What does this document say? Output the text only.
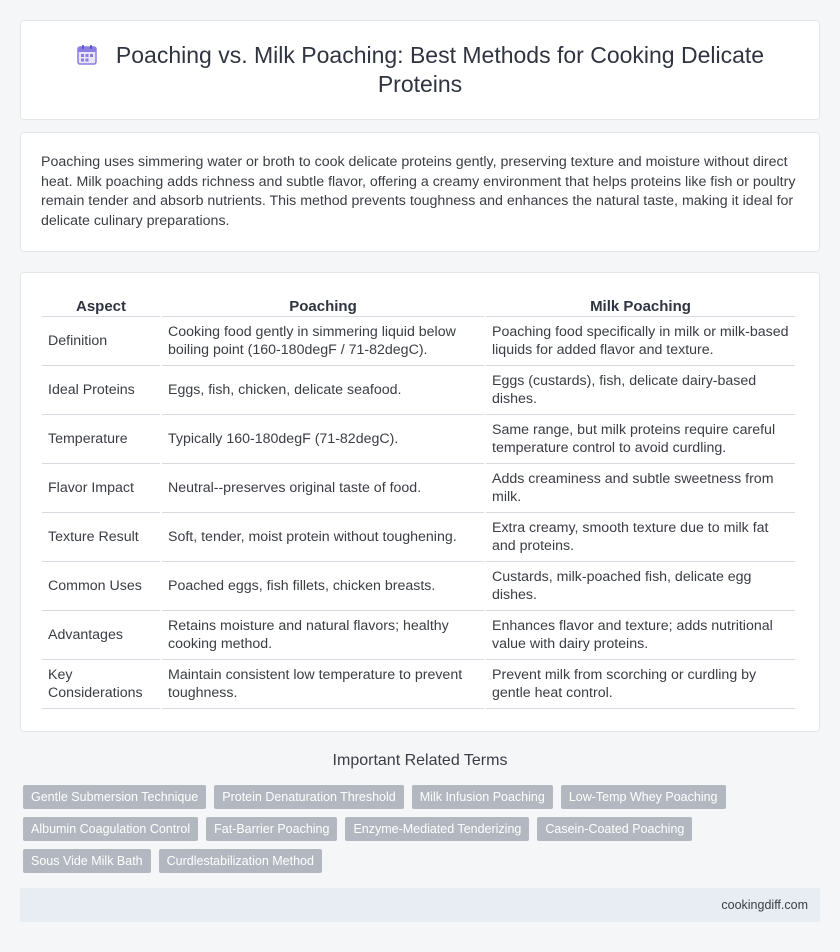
Poaching vs. Milk Poaching: Best Methods for Cooking Delicate Proteins

Poaching uses simmering water or broth to cook delicate proteins gently, preserving texture and moisture without direct heat. Milk poaching adds richness and subtle flavor, offering a creamy environment that helps proteins like fish or poultry remain tender and absorb nutrients. This method prevents toughness and enhances the natural taste, making it ideal for delicate culinary preparations.

Aspect	Poaching	Milk Poaching
Definition	Cooking food gently in simmering liquid below boiling point (160-180degF / 71-82degC).	Poaching food specifically in milk or milk-based liquids for added flavor and texture.
Ideal Proteins	Eggs, fish, chicken, delicate seafood.	Eggs (custards), fish, delicate dairy-based dishes.
Temperature	Typically 160-180degF (71-82degC).	Same range, but milk proteins require careful temperature control to avoid curdling.
Flavor Impact	Neutral--preserves original taste of food.	Adds creaminess and subtle sweetness from milk.
Texture Result	Soft, tender, moist protein without toughening.	Extra creamy, smooth texture due to milk fat and proteins.
Common Uses	Poached eggs, fish fillets, chicken breasts.	Custards, milk-poached fish, delicate egg dishes.
Advantages	Retains moisture and natural flavors; healthy cooking method.	Enhances flavor and texture; adds nutritional value with dairy proteins.
Key Considerations	Maintain consistent low temperature to prevent toughness.	Prevent milk from scorching or curdling by gentle heat control.
Important Related Terms
Gentle Submersion Technique	Protein Denaturation Threshold	Milk Infusion Poaching	Low-Temp Whey Poaching
Albumin Coagulation Control	Fat-Barrier Poaching	Enzyme-Mediated Tenderizing	Casein-Coated Poaching
Sous Vide Milk Bath	Curdlestabilization Method
cookingdiff.com
